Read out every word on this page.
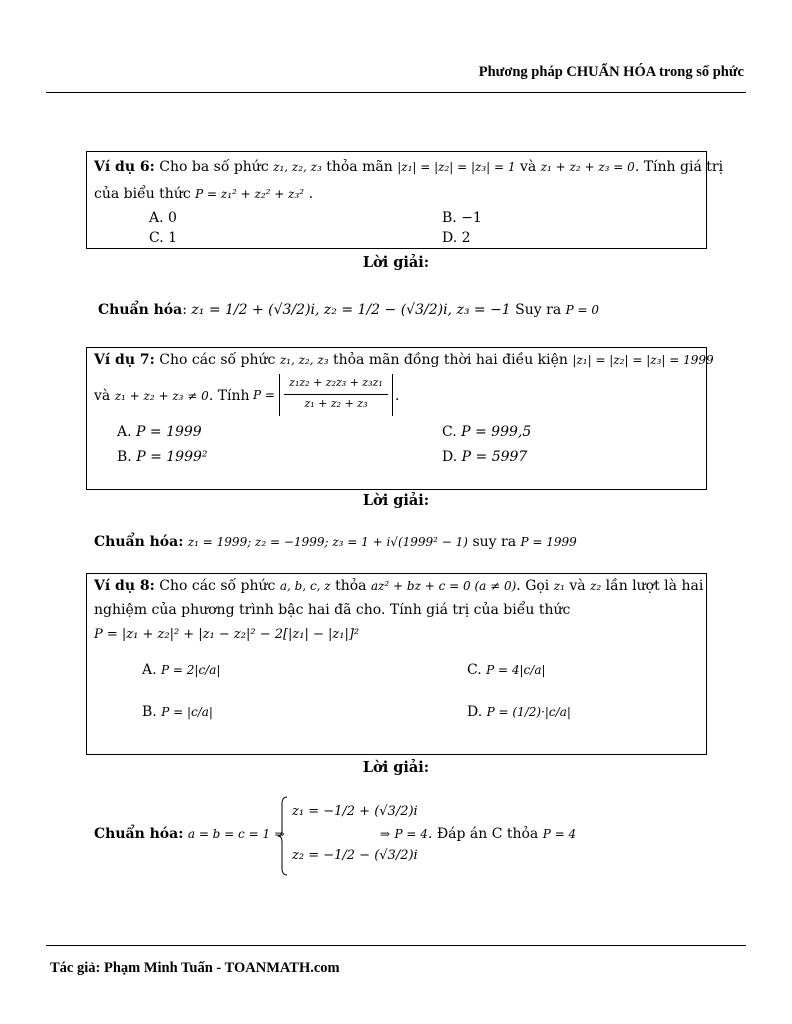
Phương pháp CHUẨN HÓA trong số phức
Ví dụ 6: Cho ba số phức z₁, z₂, z₃ thỏa mãn |z₁| = |z₂| = |z₃| = 1 và z₁ + z₂ + z₃ = 0. Tính giá trị
của biểu thức P = z₁² + z₂² + z₃² .
A. 0	B. −1
C. 1	D. 2
Lời giải:
Chuẩn hóa: z₁ = 1/2 + (√3/2)i, z₂ = 1/2 − (√3/2)i, z₃ = −1 Suy ra P = 0
Ví dụ 7: Cho các số phức z₁, z₂, z₃ thỏa mãn đồng thời hai điều kiện |z₁| = |z₂| = |z₃| = 1999
và z₁ + z₂ + z₃ ≠ 0. Tính P =
z₁z₂ + z₂z₃ + z₃z₁
z₁ + z₂ + z₃	.
A. P = 1999	C. P = 999,5
B. P = 1999²	D. P = 5997
Lời giải:
Chuẩn hóa: z₁ = 1999; z₂ = −1999; z₃ = 1 + i√(1999² − 1) suy ra P = 1999
Ví dụ 8: Cho các số phức a, b, c, z thỏa az² + bz + c = 0 (a ≠ 0). Gọi z₁ và z₂ lần lượt là hai
nghiệm của phương trình bậc hai đã cho. Tính giá trị của biểu thức
P = |z₁ + z₂|² + |z₁ − z₂|² − 2[|z₁| − |z₁|]²
A. P = 2|c/a|	C. P = 4|c/a|
B. P = |c/a|	D. P = (1/2)·|c/a|
Lời giải:
Chuẩn hóa: a = b = c = 1 ⇒
z₁ = −1/2 + (√3/2)i
z₂ = −1/2 − (√3/2)i
⇒ P = 4. Đáp án C thỏa P = 4
Tác giả: Phạm Minh Tuấn - TOANMATH.com
